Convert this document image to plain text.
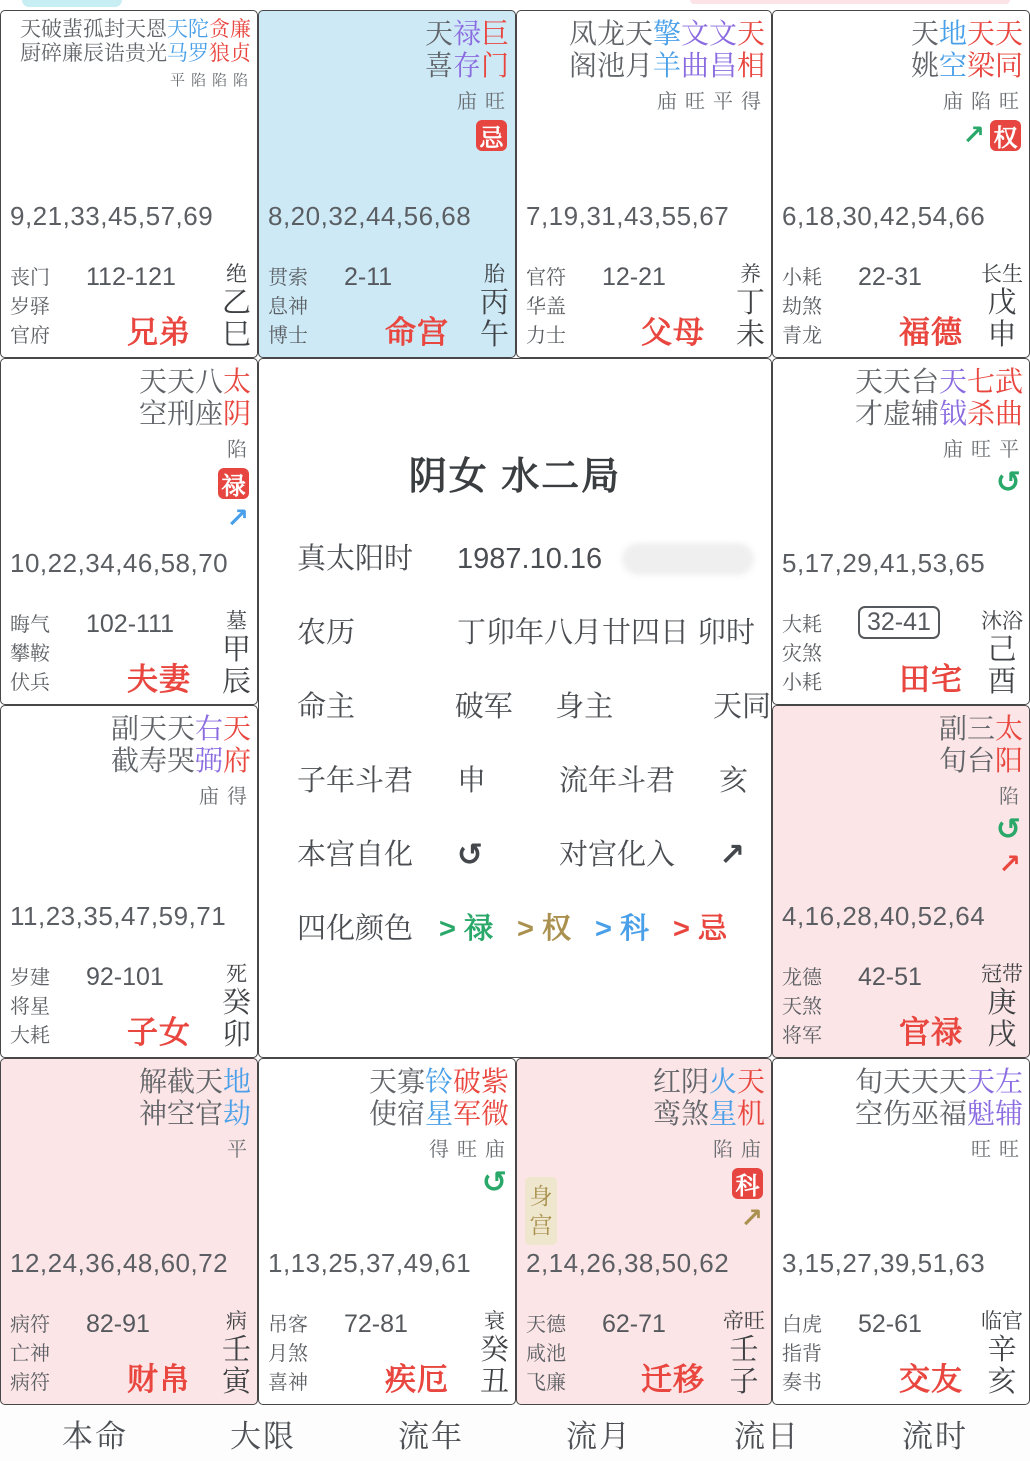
阴女 水二局
真太阳时	1987.10.16
农历	丁卯年八月廿四日 卯时
命主	破军	身主	天同
子年斗君	申	流年斗君	亥
本宫自化	↺	对宫化入	↗
四化颜色 > 禄 > 权 > 科 > 忌
天破蜚孤封天恩天陀贪廉
厨碎廉辰诰贵光马罗狼贞
平陷陷陷
9,21,33,45,57,69
丧门
岁驿
官府
112-121
兄弟
绝
乙
巳
天禄巨
喜存门
庙旺
忌
8,20,32,44,56,68
贯索
息神
博士
2-11
命宫
胎
丙
午
凤龙天擎文文天
阁池月羊曲昌相
庙旺平得
7,19,31,43,55,67
官符
华盖
力士
12-21
父母
养
丁
未
天地天天
姚空梁同
庙陷旺
↗ 权
6,18,30,42,54,66
小耗
劫煞
青龙
22-31
福德
长生
戊
申
天天八太
空刑座阴
陷
禄
↗
10,22,34,46,58,70
晦气
攀鞍
伏兵
102-111
夫妻
墓
甲
辰
天天台天七武
才虚辅钺杀曲
庙旺平
↺
5,17,29,41,53,65
大耗
灾煞
小耗
32-41
田宅
沐浴
己
酉
副天天右天
截寿哭弼府
庙得
11,23,35,47,59,71
岁建
将星
大耗
92-101
子女
死
癸
卯
副三太
旬台阳
陷
↺
↗
4,16,28,40,52,64
龙德
天煞
将军
42-51
官禄
冠带
庚
戌
解截天地
神空官劫
平
12,24,36,48,60,72
病符
亡神
病符
82-91
财帛
病
壬
寅
天寡铃破紫
使宿星军微
得旺庙
↺
1,13,25,37,49,61
吊客
月煞
喜神
72-81
疾厄
衰
癸
丑
红阴火天
鸾煞星机
陷庙
科
↗
2,14,26,38,50,62
天德
咸池
飞廉
62-71
迁移
帝旺
壬
子
身
宫
旬天天天天左
空伤巫福魁辅
旺旺
3,15,27,39,51,63
白虎
指背
奏书
52-61
交友
临官
辛
亥
本命	大限	流年	流月	流日	流时
